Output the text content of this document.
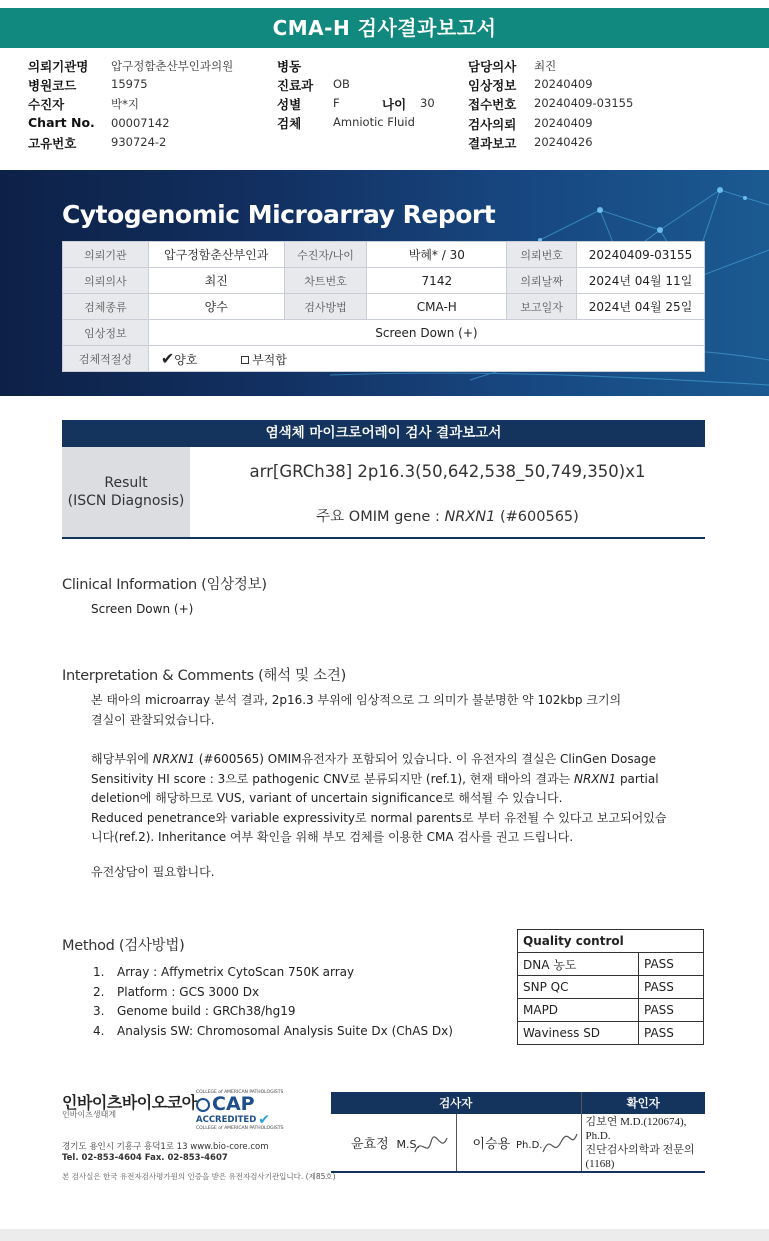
CMA-H 검사결과보고서
의뢰기관명 압구정함춘산부인과의원
병원코드	15975
수진자	박*지
Chart No. 00007142
고유번호	930724-2
병동
진료과 OB
성별	F	나이 30
검체	Amniotic Fluid
담당의사 최진
임상정보 20240409
접수번호 20240409-03155
검사의뢰 20240409
결과보고 20240426
Cytogenomic Microarray Report
의뢰기관	압구정함춘산부인과	수진자/나이	박혜* / 30	의뢰번호	20240409-03155
의뢰의사	최진	차트번호	7142	의뢰날짜	2024년 04월 11일
검체종류	양수	검사방법	CMA-H	보고일자	2024년 04월 25일
임상정보	Screen Down (+)				
검체적절성	✔양호 부적합				
염색체 마이크로어레이 검사 결과보고서
Result
(ISCN Diagnosis)
arr[GRCh38] 2p16.3(50,642,538_50,749,350)x1
주요 OMIM gene : NRXN1 (#600565)
Clinical Information (임상정보)
Screen Down (+)
Interpretation & Comments (해석 및 소견)
본 태아의 microarray 분석 결과, 2p16.3 부위에 임상적으로 그 의미가 불분명한 약 102kbp 크기의
결실이 관찰되었습니다.
해당부위에 NRXN1 (#600565) OMIM유전자가 포함되어 있습니다. 이 유전자의 결실은 ClinGen Dosage
Sensitivity HI score : 3으로 pathogenic CNV로 분류되지만 (ref.1), 현재 태아의 결과는 NRXN1 partial
deletion에 해당하므로 VUS, variant of uncertain significance로 해석될 수 있습니다.
Reduced penetrance와 variable expressivity로 normal parents로 부터 유전될 수 있다고 보고되어있습
니다(ref.2). Inheritance 여부 확인을 위해 부모 검체를 이용한 CMA 검사를 권고 드립니다.
유전상담이 필요합니다.
Method (검사방법)
1. Array : Affymetrix CytoScan 750K array
2. Platform : GCS 3000 Dx
3. Genome build : GRCh38/hg19
4. Analysis SW: Chromosomal Analysis Suite Dx (ChAS Dx)
Quality control	
DNA 농도	PASS
SNP QC	PASS
MAPD	PASS
Waviness SD	PASS
인바이츠바이오코아
인바이츠생태계
COLLEGE of AMERICAN PATHOLOGISTS
CAP
ACCREDITED ✔
COLLEGE of AMERICAN PATHOLOGISTS
경기도 용인시 기흥구 흥덕1로 13 www.bio-core.com
Tel. 02-853-4604 Fax. 02-853-4607
본 검사실은 한국 유전자검사평가원의 인증을 받은 유전자검사기관입니다. (제85호)
검사자		확인자
윤효정 M.S.	이승용 Ph.D.	김보연 M.D.(120674), Ph.D.
진단검사의학과 전문의(1168)
